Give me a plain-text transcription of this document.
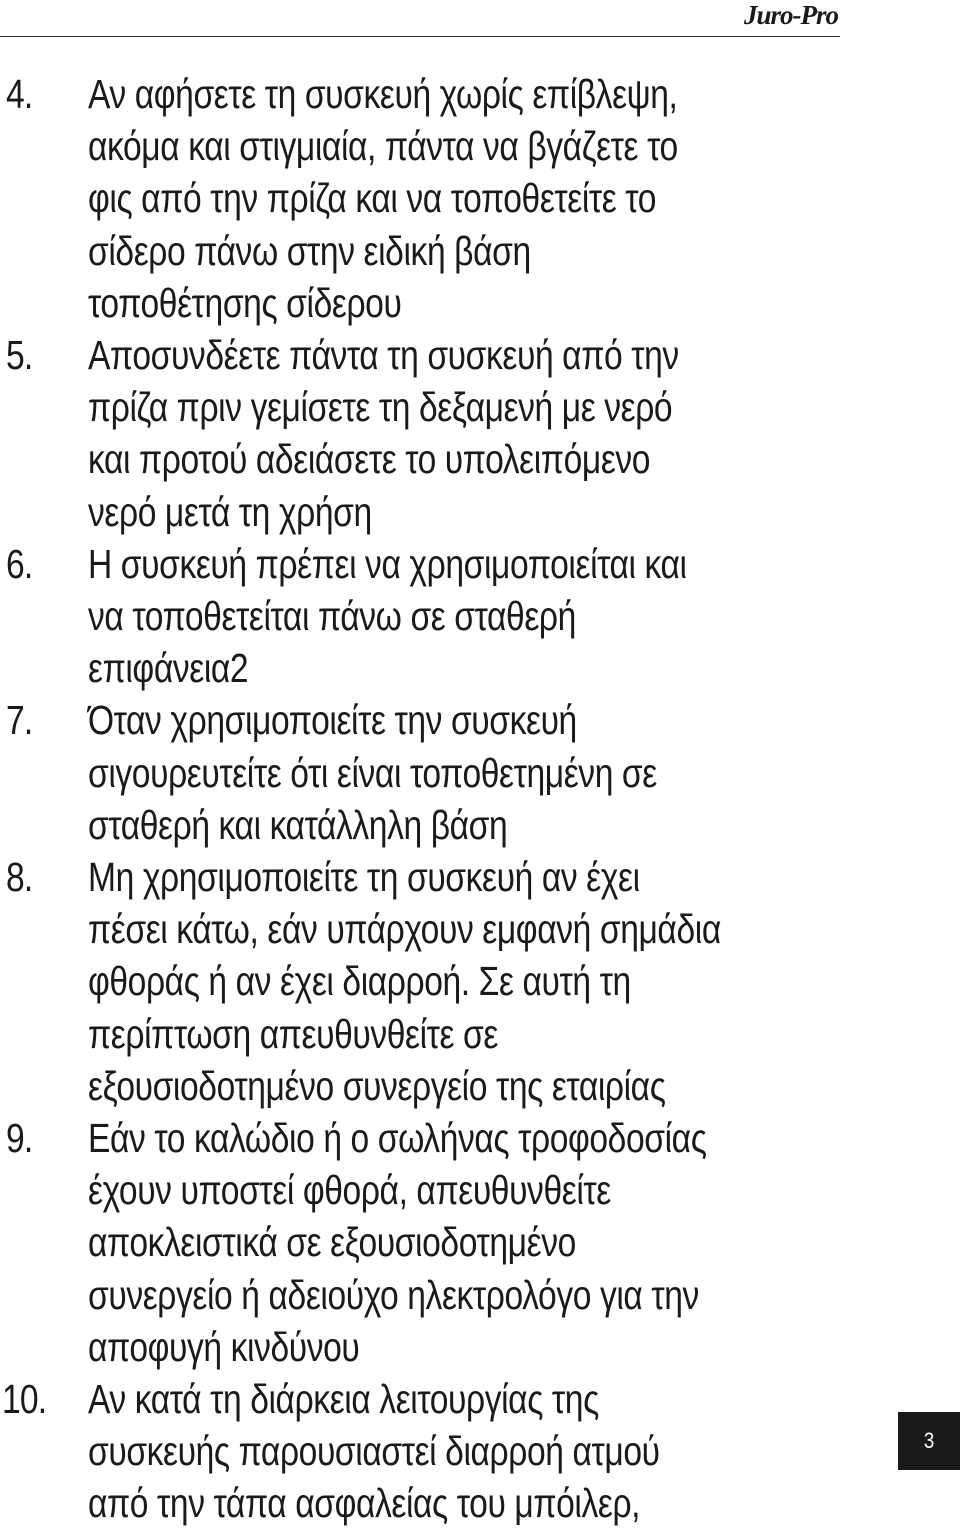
Juro-Pro
4. Αν αφήσετε τη συσκευή χωρίς επίβλεψη,
ακόμα και στιγμιαία, πάντα να βγάζετε το
φις από την πρίζα και να τοποθετείτε το
σίδερο πάνω στην ειδική βάση
τοποθέτησης σίδερου
5. Αποσυνδέετε πάντα τη συσκευή από την
πρίζα πριν γεμίσετε τη δεξαμενή με νερό
και προτού αδειάσετε το υπολειπόμενο
νερό μετά τη χρήση
6. Η συσκευή πρέπει να χρησιμοποιείται και
να τοποθετείται πάνω σε σταθερή
επιφάνεια2
7. Όταν χρησιμοποιείτε την συσκευή
σιγουρευτείτε ότι είναι τοποθετημένη σε
σταθερή και κατάλληλη βάση
8. Μη χρησιμοποιείτε τη συσκευή αν έχει
πέσει κάτω, εάν υπάρχουν εμφανή σημάδια
φθοράς ή αν έχει διαρροή. Σε αυτή τη
περίπτωση απευθυνθείτε σε
εξουσιοδοτημένο συνεργείο της εταιρίας
9. Εάν το καλώδιο ή ο σωλήνας τροφοδοσίας
έχουν υποστεί φθορά, απευθυνθείτε
αποκλειστικά σε εξουσιοδοτημένο
συνεργείο ή αδειούχο ηλεκτρολόγο για την
αποφυγή κινδύνου
10. Αν κατά τη διάρκεια λειτουργίας της
συσκευής παρουσιαστεί διαρροή ατμού
από την τάπα ασφαλείας του μπόιλερ,
3
